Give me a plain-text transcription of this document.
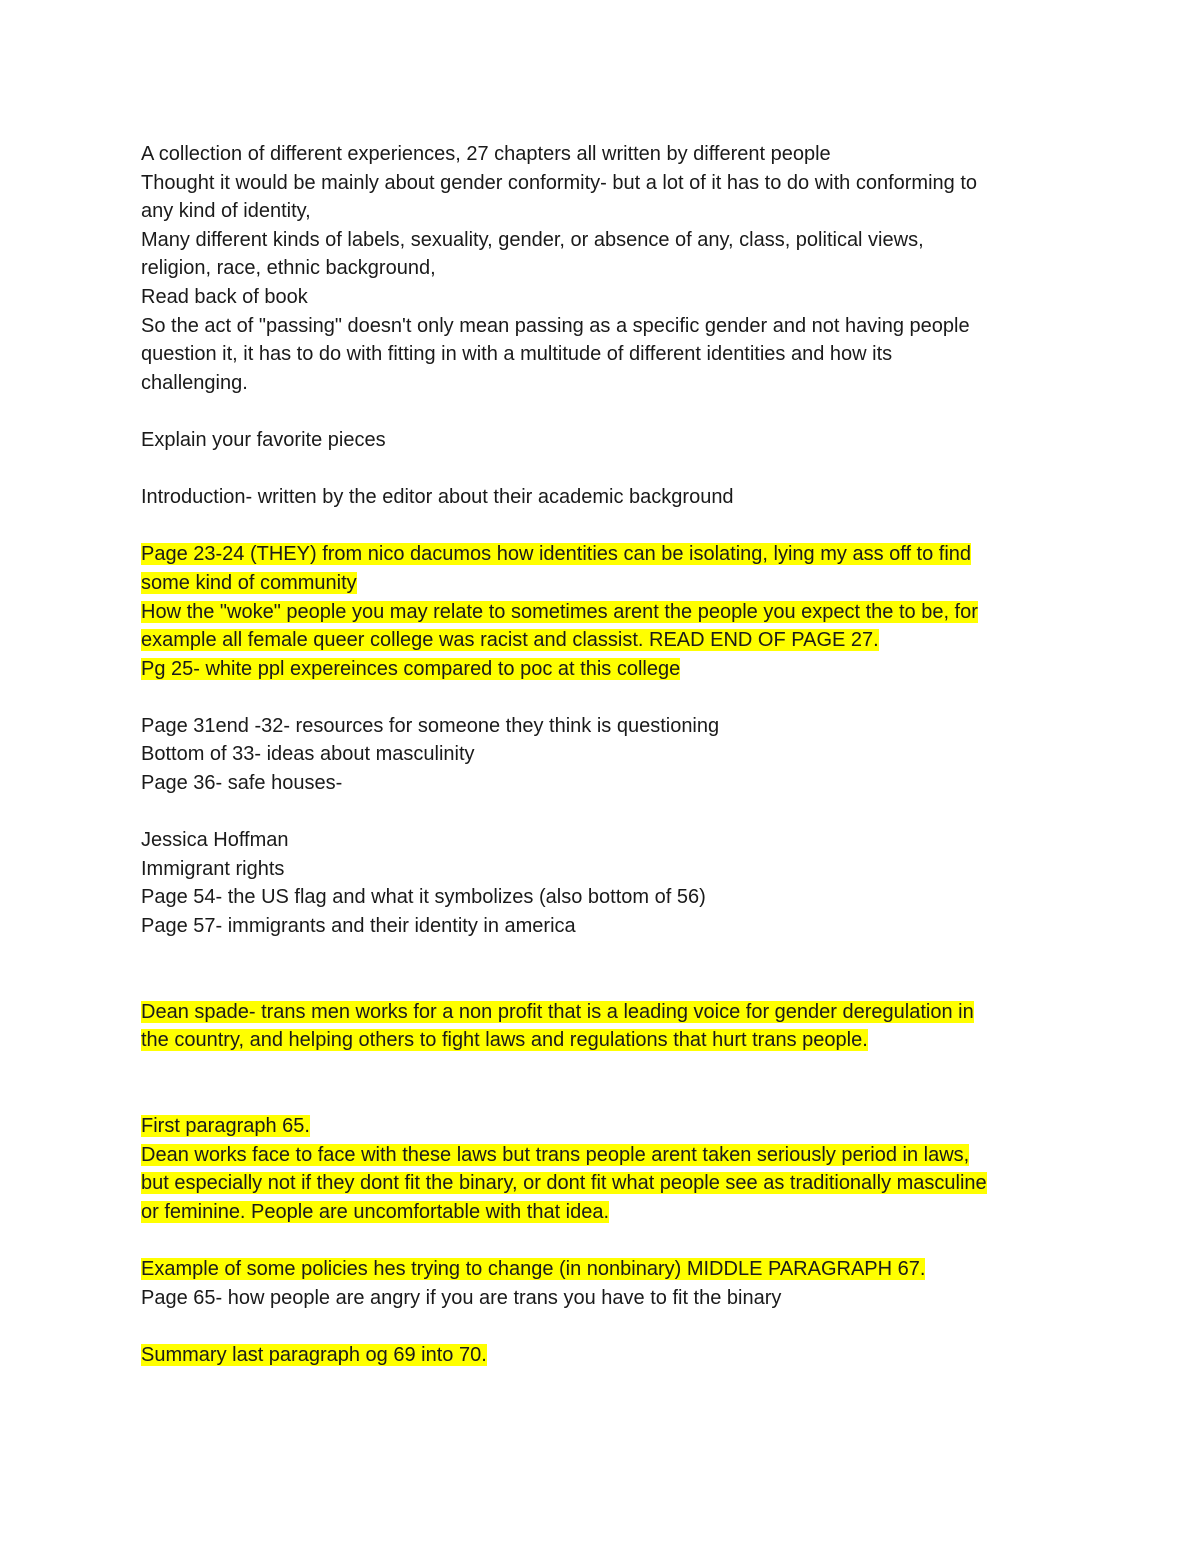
A collection of different experiences, 27 chapters all written by different people
Thought it would be mainly about gender conformity- but a lot of it has to do with conforming to
any kind of identity,
Many different kinds of labels, sexuality, gender, or absence of any, class, political views,
religion, race, ethnic background,
Read back of book
So the act of "passing" doesn't only mean passing as a specific gender and not having people
question it, it has to do with fitting in with a multitude of different identities and how its
challenging.
Explain your favorite pieces
Introduction- written by the editor about their academic background
Page 23-24 (THEY) from nico dacumos how identities can be isolating, lying my ass off to find
some kind of community
How the "woke" people you may relate to sometimes arent the people you expect the to be, for
example all female queer college was racist and classist. READ END OF PAGE 27.
Pg 25- white ppl expereinces compared to poc at this college
Page 31end -32- resources for someone they think is questioning
Bottom of 33- ideas about masculinity
Page 36- safe houses-
Jessica Hoffman
Immigrant rights
Page 54- the US flag and what it symbolizes (also bottom of 56)
Page 57- immigrants and their identity in america
Dean spade- trans men works for a non profit that is a leading voice for gender deregulation in
the country, and helping others to fight laws and regulations that hurt trans people.
First paragraph 65.
Dean works face to face with these laws but trans people arent taken seriously period in laws,
but especially not if they dont fit the binary, or dont fit what people see as traditionally masculine
or feminine. People are uncomfortable with that idea.
Example of some policies hes trying to change (in nonbinary) MIDDLE PARAGRAPH 67.
Page 65- how people are angry if you are trans you have to fit the binary
Summary last paragraph og 69 into 70.
